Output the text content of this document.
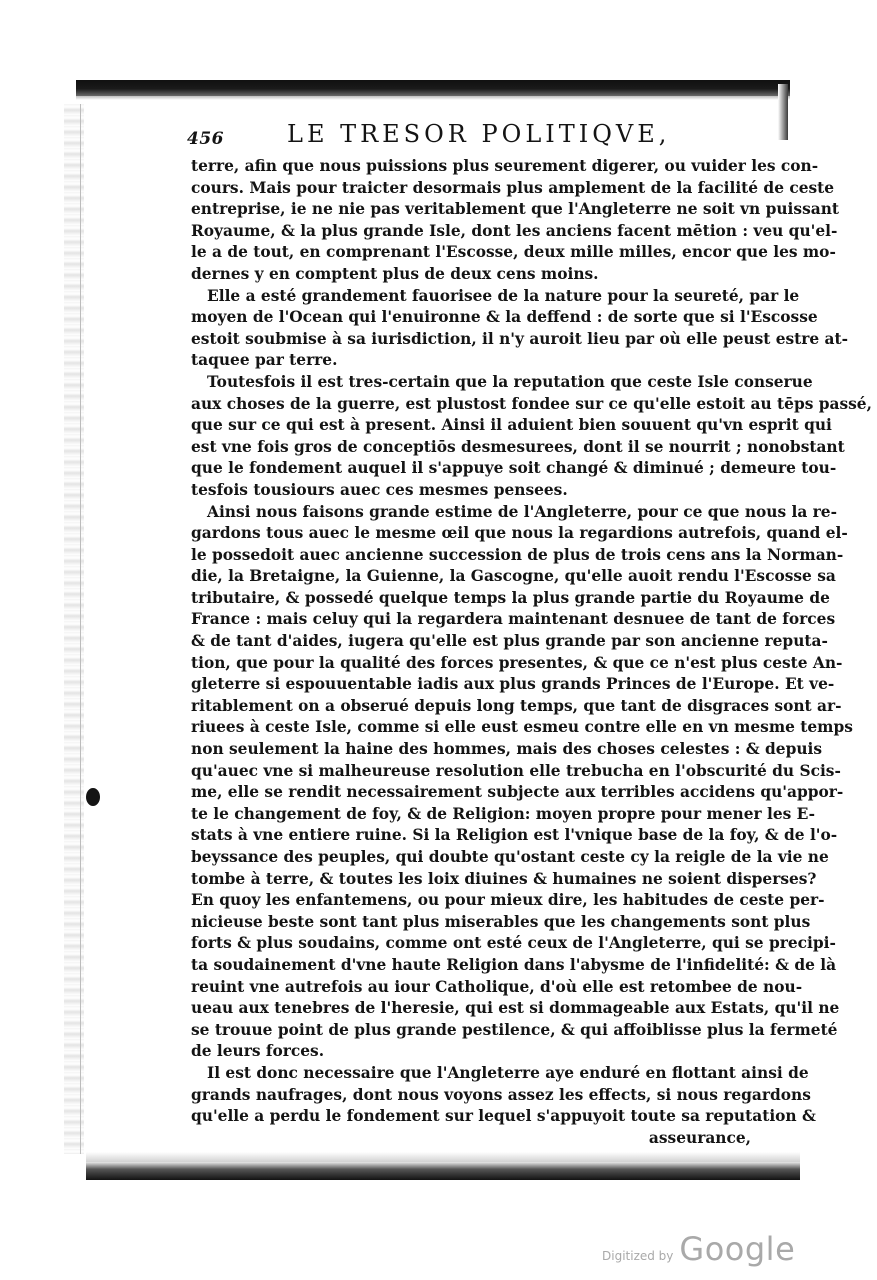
456	LE TRESOR POLITIQVE,

terre, afin que nous puissions plus seurement digerer, ou vuider les con-
cours. Mais pour traicter desormais plus amplement de la facilité de ceste
entreprise, ie ne nie pas veritablement que l'Angleterre ne soit vn puissant
Royaume, & la plus grande Isle, dont les anciens facent mētion : veu qu'el-
le a de tout, en comprenant l'Escosse, deux mille milles, encor que les mo-
dernes y en comptent plus de deux cens moins.
Elle a esté grandement fauorisee de la nature pour la seureté, par le
moyen de l'Ocean qui l'enuironne & la deffend : de sorte que si l'Escosse
estoit soubmise à sa iurisdiction, il n'y auroit lieu par où elle peust estre at-
taquee par terre.
Toutesfois il est tres-certain que la reputation que ceste Isle conserue
aux choses de la guerre, est plustost fondee sur ce qu'elle estoit au tēps passé,
que sur ce qui est à present. Ainsi il aduient bien souuent qu'vn esprit qui
est vne fois gros de conceptiōs desmesurees, dont il se nourrit ; nonobstant
que le fondement auquel il s'appuye soit changé & diminué ; demeure tou-
tesfois tousiours auec ces mesmes pensees.
Ainsi nous faisons grande estime de l'Angleterre, pour ce que nous la re-
gardons tous auec le mesme œil que nous la regardions autrefois, quand el-
le possedoit auec ancienne succession de plus de trois cens ans la Norman-
die, la Bretaigne, la Guienne, la Gascogne, qu'elle auoit rendu l'Escosse sa
tributaire, & possedé quelque temps la plus grande partie du Royaume de
France : mais celuy qui la regardera maintenant desnuee de tant de forces
& de tant d'aides, iugera qu'elle est plus grande par son ancienne reputa-
tion, que pour la qualité des forces presentes, & que ce n'est plus ceste An-
gleterre si espouuentable iadis aux plus grands Princes de l'Europe. Et ve-
ritablement on a obserué depuis long temps, que tant de disgraces sont ar-
riuees à ceste Isle, comme si elle eust esmeu contre elle en vn mesme temps
non seulement la haine des hommes, mais des choses celestes : & depuis
qu'auec vne si malheureuse resolution elle trebucha en l'obscurité du Scis-
me, elle se rendit necessairement subjecte aux terribles accidens qu'appor-
te le changement de foy, & de Religion: moyen propre pour mener les E-
stats à vne entiere ruine. Si la Religion est l'vnique base de la foy, & de l'o-
beyssance des peuples, qui doubte qu'ostant ceste cy la reigle de la vie ne
tombe à terre, & toutes les loix diuines & humaines ne soient disperses?
En quoy les enfantemens, ou pour mieux dire, les habitudes de ceste per-
nicieuse beste sont tant plus miserables que les changements sont plus
forts & plus soudains, comme ont esté ceux de l'Angleterre, qui se precipi-
ta soudainement d'vne haute Religion dans l'abysme de l'infidelité: & de là
reuint vne autrefois au iour Catholique, d'où elle est retombee de nou-
ueau aux tenebres de l'heresie, qui est si dommageable aux Estats, qu'il ne
se trouue point de plus grande pestilence, & qui affoiblisse plus la fermeté
de leurs forces.
Il est donc necessaire que l'Angleterre aye enduré en flottant ainsi de
grands naufrages, dont nous voyons assez les effects, si nous regardons
qu'elle a perdu le fondement sur lequel s'appuyoit toute sa reputation &
asseurance,
Digitized by Google
